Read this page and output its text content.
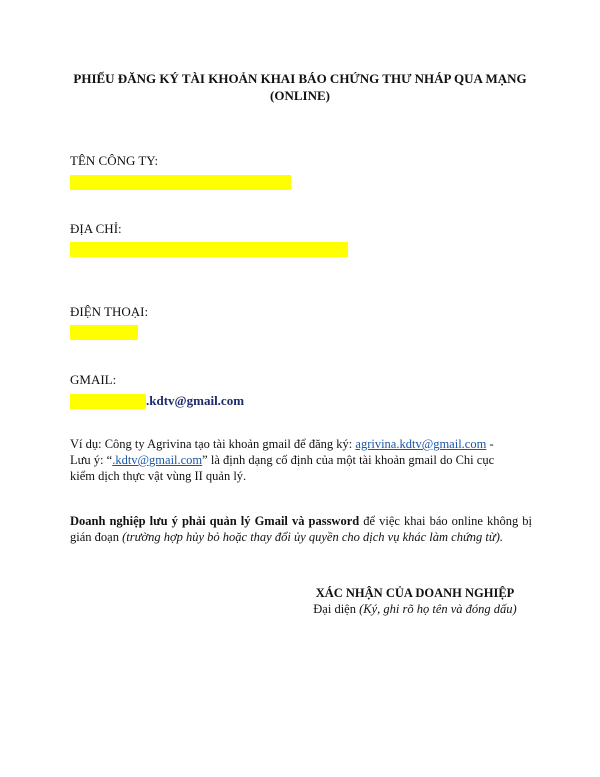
PHIẾU ĐĂNG KÝ TÀI KHOẢN KHAI BÁO CHỨNG THƯ NHÁP QUA MẠNG
(ONLINE)
TÊN CÔNG TY:
ĐỊA CHỈ:
ĐIỆN THOẠI:
GMAIL:
.kdtv@gmail.com
Ví dụ: Công ty Agrivina tạo tài khoản gmail để đăng ký: agrivina.kdtv@gmail.com -
Lưu ý: “.kdtv@gmail.com” là định dạng cố định của một tài khoản gmail do Chi cục
kiểm dịch thực vật vùng II quản lý.
Doanh nghiệp lưu ý phải quản lý Gmail và password để việc khai báo online không bị gián đoạn (trường hợp hủy bỏ hoặc thay đổi ủy quyền cho dịch vụ khác làm chứng từ).
XÁC NHẬN CỦA DOANH NGHIỆP
Đại diện (Ký, ghi rõ họ tên và đóng dấu)
